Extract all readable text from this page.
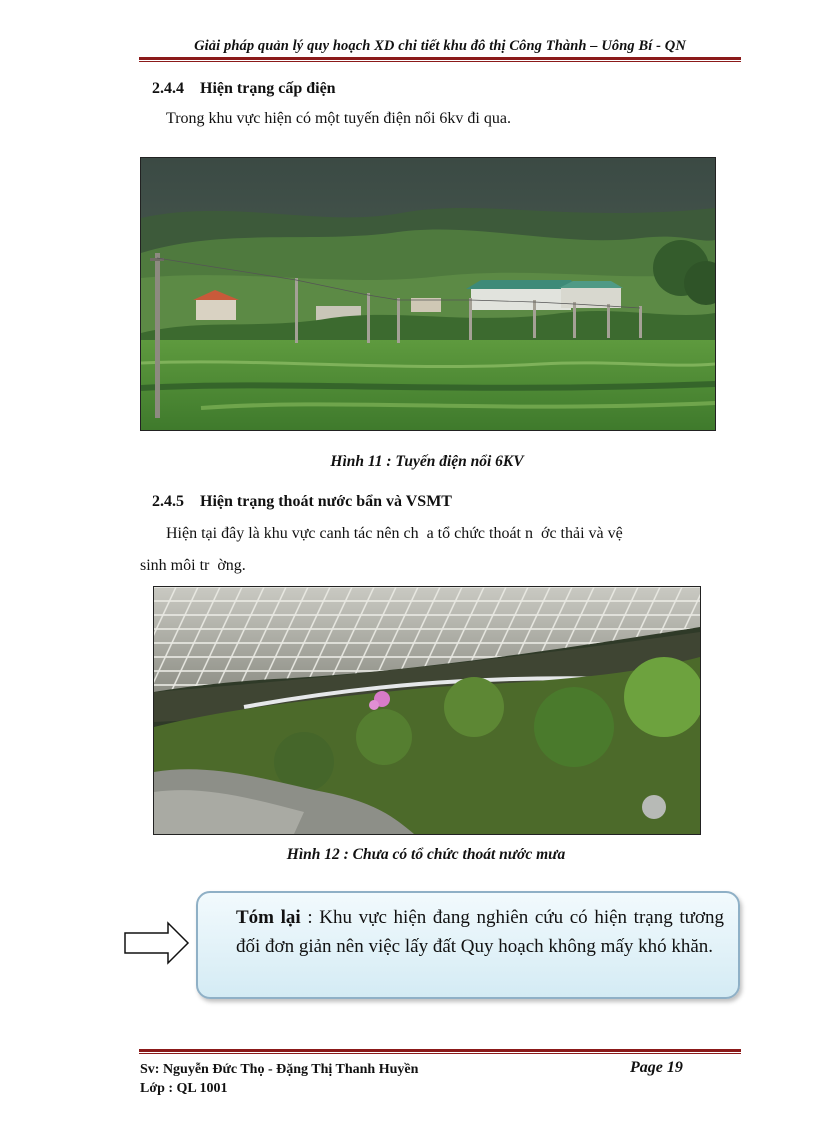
Giải pháp quản lý quy hoạch XD chi tiết khu đô thị Công Thành – Uông Bí - QN
2.4.4 Hiện trạng cấp điện
Trong khu vực hiện có một tuyến điện nổi 6kv đi qua.
Hình 11 : Tuyến điện nổi 6KV
2.4.5 Hiện trạng thoát nước bẩn và VSMT
Hiện tại đây là khu vực canh tác nên ch  a tổ chức thoát n  ớc thải và vệ
sinh môi tr  ờng.
Hình 12 : Chưa có tổ chức thoát nước mưa
Tóm lại : Khu vực hiện đang nghiên cứu có hiện trạng tương đối đơn giản nên việc lấy đất Quy hoạch không mấy khó khăn.
Sv: Nguyễn Đức Thọ - Đặng Thị Thanh Huyền
Lớp : QL 1001
Page 19
